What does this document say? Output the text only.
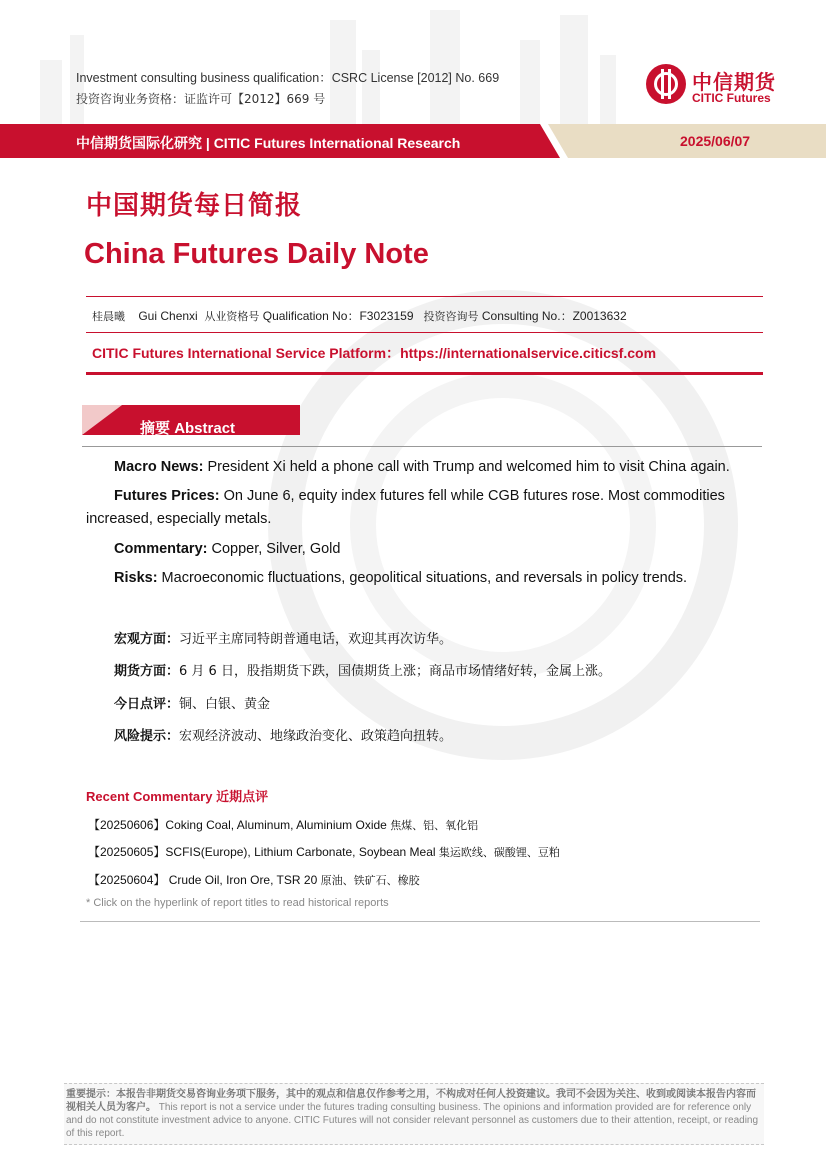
Investment consulting business qualification：CSRC License [2012] No. 669
投资咨询业务资格：证监许可【2012】669 号
中信期货
CITIC Futures
中信期货国际化研究 | CITIC Futures International Research	2025/06/07
中国期货每日简报
China Futures Daily Note
桂晨曦 Gui Chenxi 从业资格号 Qualification No：F3023159 投资咨询号 Consulting No.：Z0013632
CITIC Futures International Service Platform：https://internationalservice.citicsf.com
摘要 Abstract
Macro News: President Xi held a phone call with Trump and welcomed him to visit China again.
Futures Prices: On June 6, equity index futures fell while CGB futures rose. Most commodities
increased, especially metals.
Commentary: Copper, Silver, Gold
Risks: Macroeconomic fluctuations, geopolitical situations, and reversals in policy trends.
宏观方面：习近平主席同特朗普通电话，欢迎其再次访华。
期货方面：6 月 6 日，股指期货下跌，国债期货上涨；商品市场情绪好转，金属上涨。
今日点评：铜、白银、黄金
风险提示：宏观经济波动、地缘政治变化、政策趋向扭转。
Recent Commentary 近期点评
【20250606】Coking Coal, Aluminum, Aluminium Oxide 焦煤、铝、氧化铝
【20250605】SCFIS(Europe), Lithium Carbonate, Soybean Meal 集运欧线、碳酸锂、豆粕
【20250604】 Crude Oil, Iron Ore, TSR 20 原油、铁矿石、橡胶
* Click on the hyperlink of report titles to read historical reports
重要提示：本报告非期货交易咨询业务项下服务，其中的观点和信息仅作参考之用，不构成对任何人投资建议。我司不会因为关注、收到或阅读本报告内容而视相关人员为客户。 This report is not a service under the futures trading consulting business. The opinions and information provided are for reference only and do not constitute investment advice to anyone. CITIC Futures will not consider relevant personnel as customers due to their attention, receipt, or reading of this report.
